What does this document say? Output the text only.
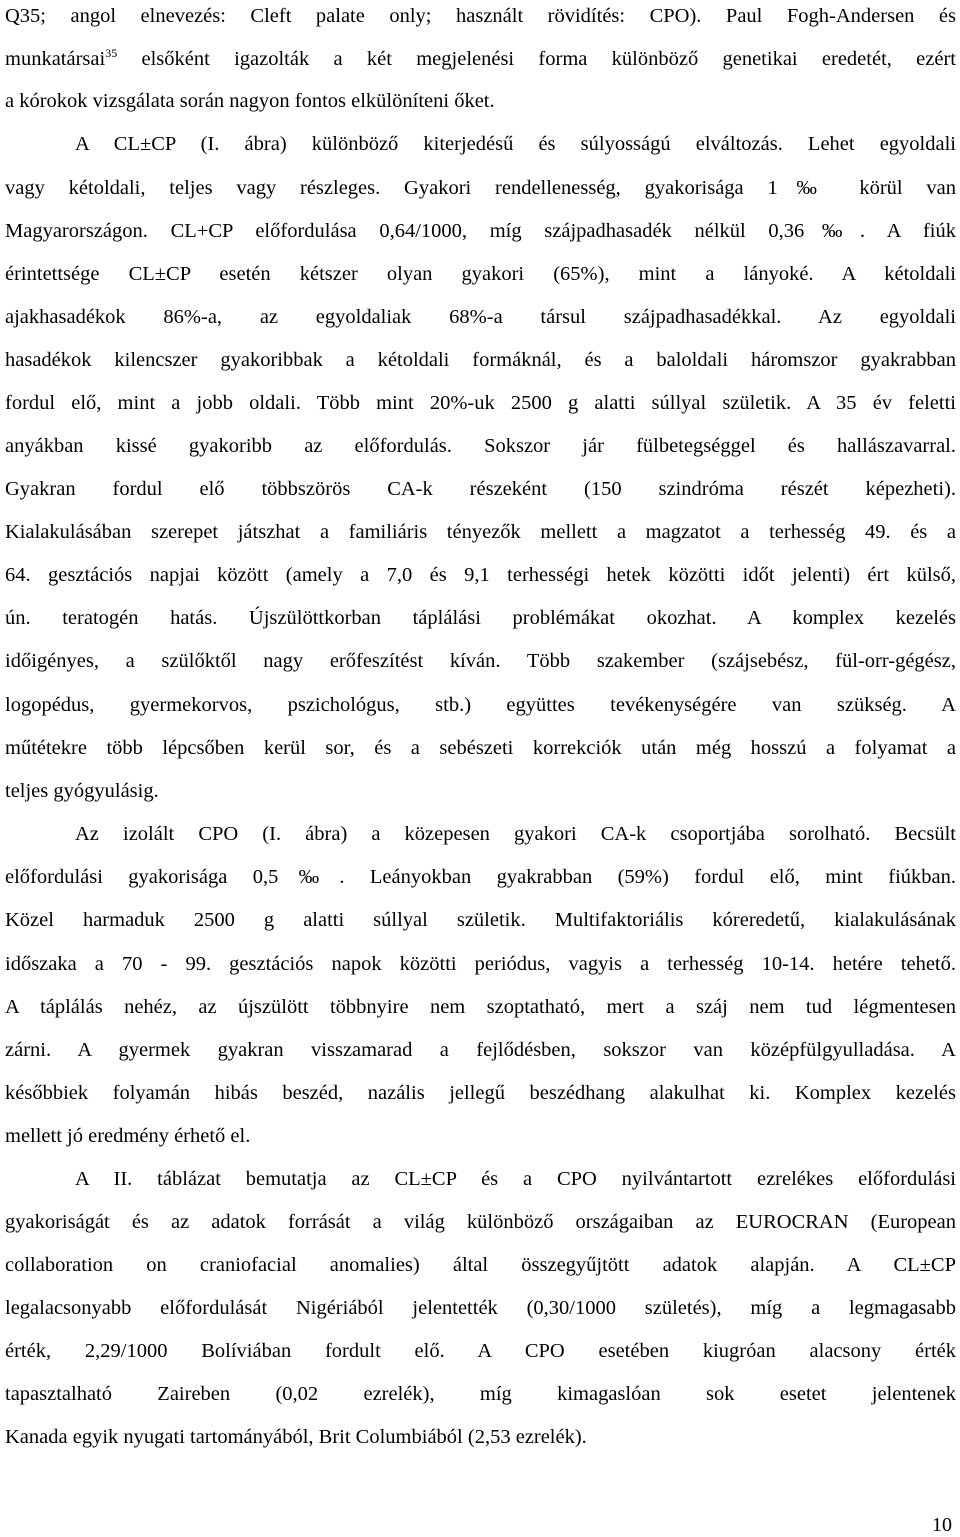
Q35; angol elnevezés: Cleft palate only; használt rövidítés: CPO). Paul Fogh-Andersen és
munkatársai$^{35}$ elsőként igazolták a két megjelenési forma különböző genetikai eredetét, ezért
a kórokok vizsgálata során nagyon fontos elkülöníteni őket.
A CL±CP (I. ábra) különböző kiterjedésű és súlyosságú elváltozás. Lehet egyoldali
vagy kétoldali, teljes vagy részleges. Gyakori rendellenesség, gyakorisága 1‰ körül van
Magyarországon. CL+CP előfordulása 0,64/1000, míg szájpadhasadék nélkül 0,36‰. A fiúk
érintettsége CL±CP esetén kétszer olyan gyakori (65%), mint a lányoké. A kétoldali
ajakhasadékok 86%-a, az egyoldaliak 68%-a társul szájpadhasadékkal. Az egyoldali
hasadékok kilencszer gyakoribbak a kétoldali formáknál, és a baloldali háromszor gyakrabban
fordul elő, mint a jobb oldali. Több mint 20%-uk 2500 g alatti súllyal születik. A 35 év feletti
anyákban kissé gyakoribb az előfordulás. Sokszor jár fülbetegséggel és hallászavarral.
Gyakran fordul elő többszörös CA-k részeként (150 szindróma részét képezheti).
Kialakulásában szerepet játszhat a familiáris tényezők mellett a magzatot a terhesség 49. és a
64. gesztációs napjai között (amely a 7,0 és 9,1 terhességi hetek közötti időt jelenti) ért külső,
ún. teratogén hatás. Újszülöttkorban táplálási problémákat okozhat. A komplex kezelés
időigényes, a szülőktől nagy erőfeszítést kíván. Több szakember (szájsebész, fül-orr-gégész,
logopédus, gyermekorvos, pszichológus, stb.) együttes tevékenységére van szükség. A
műtétekre több lépcsőben kerül sor, és a sebészeti korrekciók után még hosszú a folyamat a
teljes gyógyulásig.
Az izolált CPO (I. ábra) a közepesen gyakori CA-k csoportjába sorolható. Becsült
előfordulási gyakorisága 0,5‰. Leányokban gyakrabban (59%) fordul elő, mint fiúkban.
Közel harmaduk 2500 g alatti súllyal születik. Multifaktoriális kóreredetű, kialakulásának
időszaka a 70 - 99. gesztációs napok közötti periódus, vagyis a terhesség 10-14. hetére tehető.
A táplálás nehéz, az újszülött többnyire nem szoptatható, mert a száj nem tud légmentesen
zárni. A gyermek gyakran visszamarad a fejlődésben, sokszor van középfülgyulladása. A
későbbiek folyamán hibás beszéd, nazális jellegű beszédhang alakulhat ki. Komplex kezelés
mellett jó eredmény érhető el.
A II. táblázat bemutatja az CL±CP és a CPO nyilvántartott ezrelékes előfordulási
gyakoriságát és az adatok forrását a világ különböző országaiban az EUROCRAN (European
collaboration on craniofacial anomalies) által összegyűjtött adatok alapján. A CL±CP
legalacsonyabb előfordulását Nigériából jelentették (0,30/1000 születés), míg a legmagasabb
érték, 2,29/1000 Bolíviában fordult elő. A CPO esetében kiugróan alacsony érték
tapasztalható Zaireben (0,02 ezrelék), míg kimagaslóan sok esetet jelentenek
Kanada egyik nyugati tartományából, Brit Columbiából (2,53 ezrelék).
10
